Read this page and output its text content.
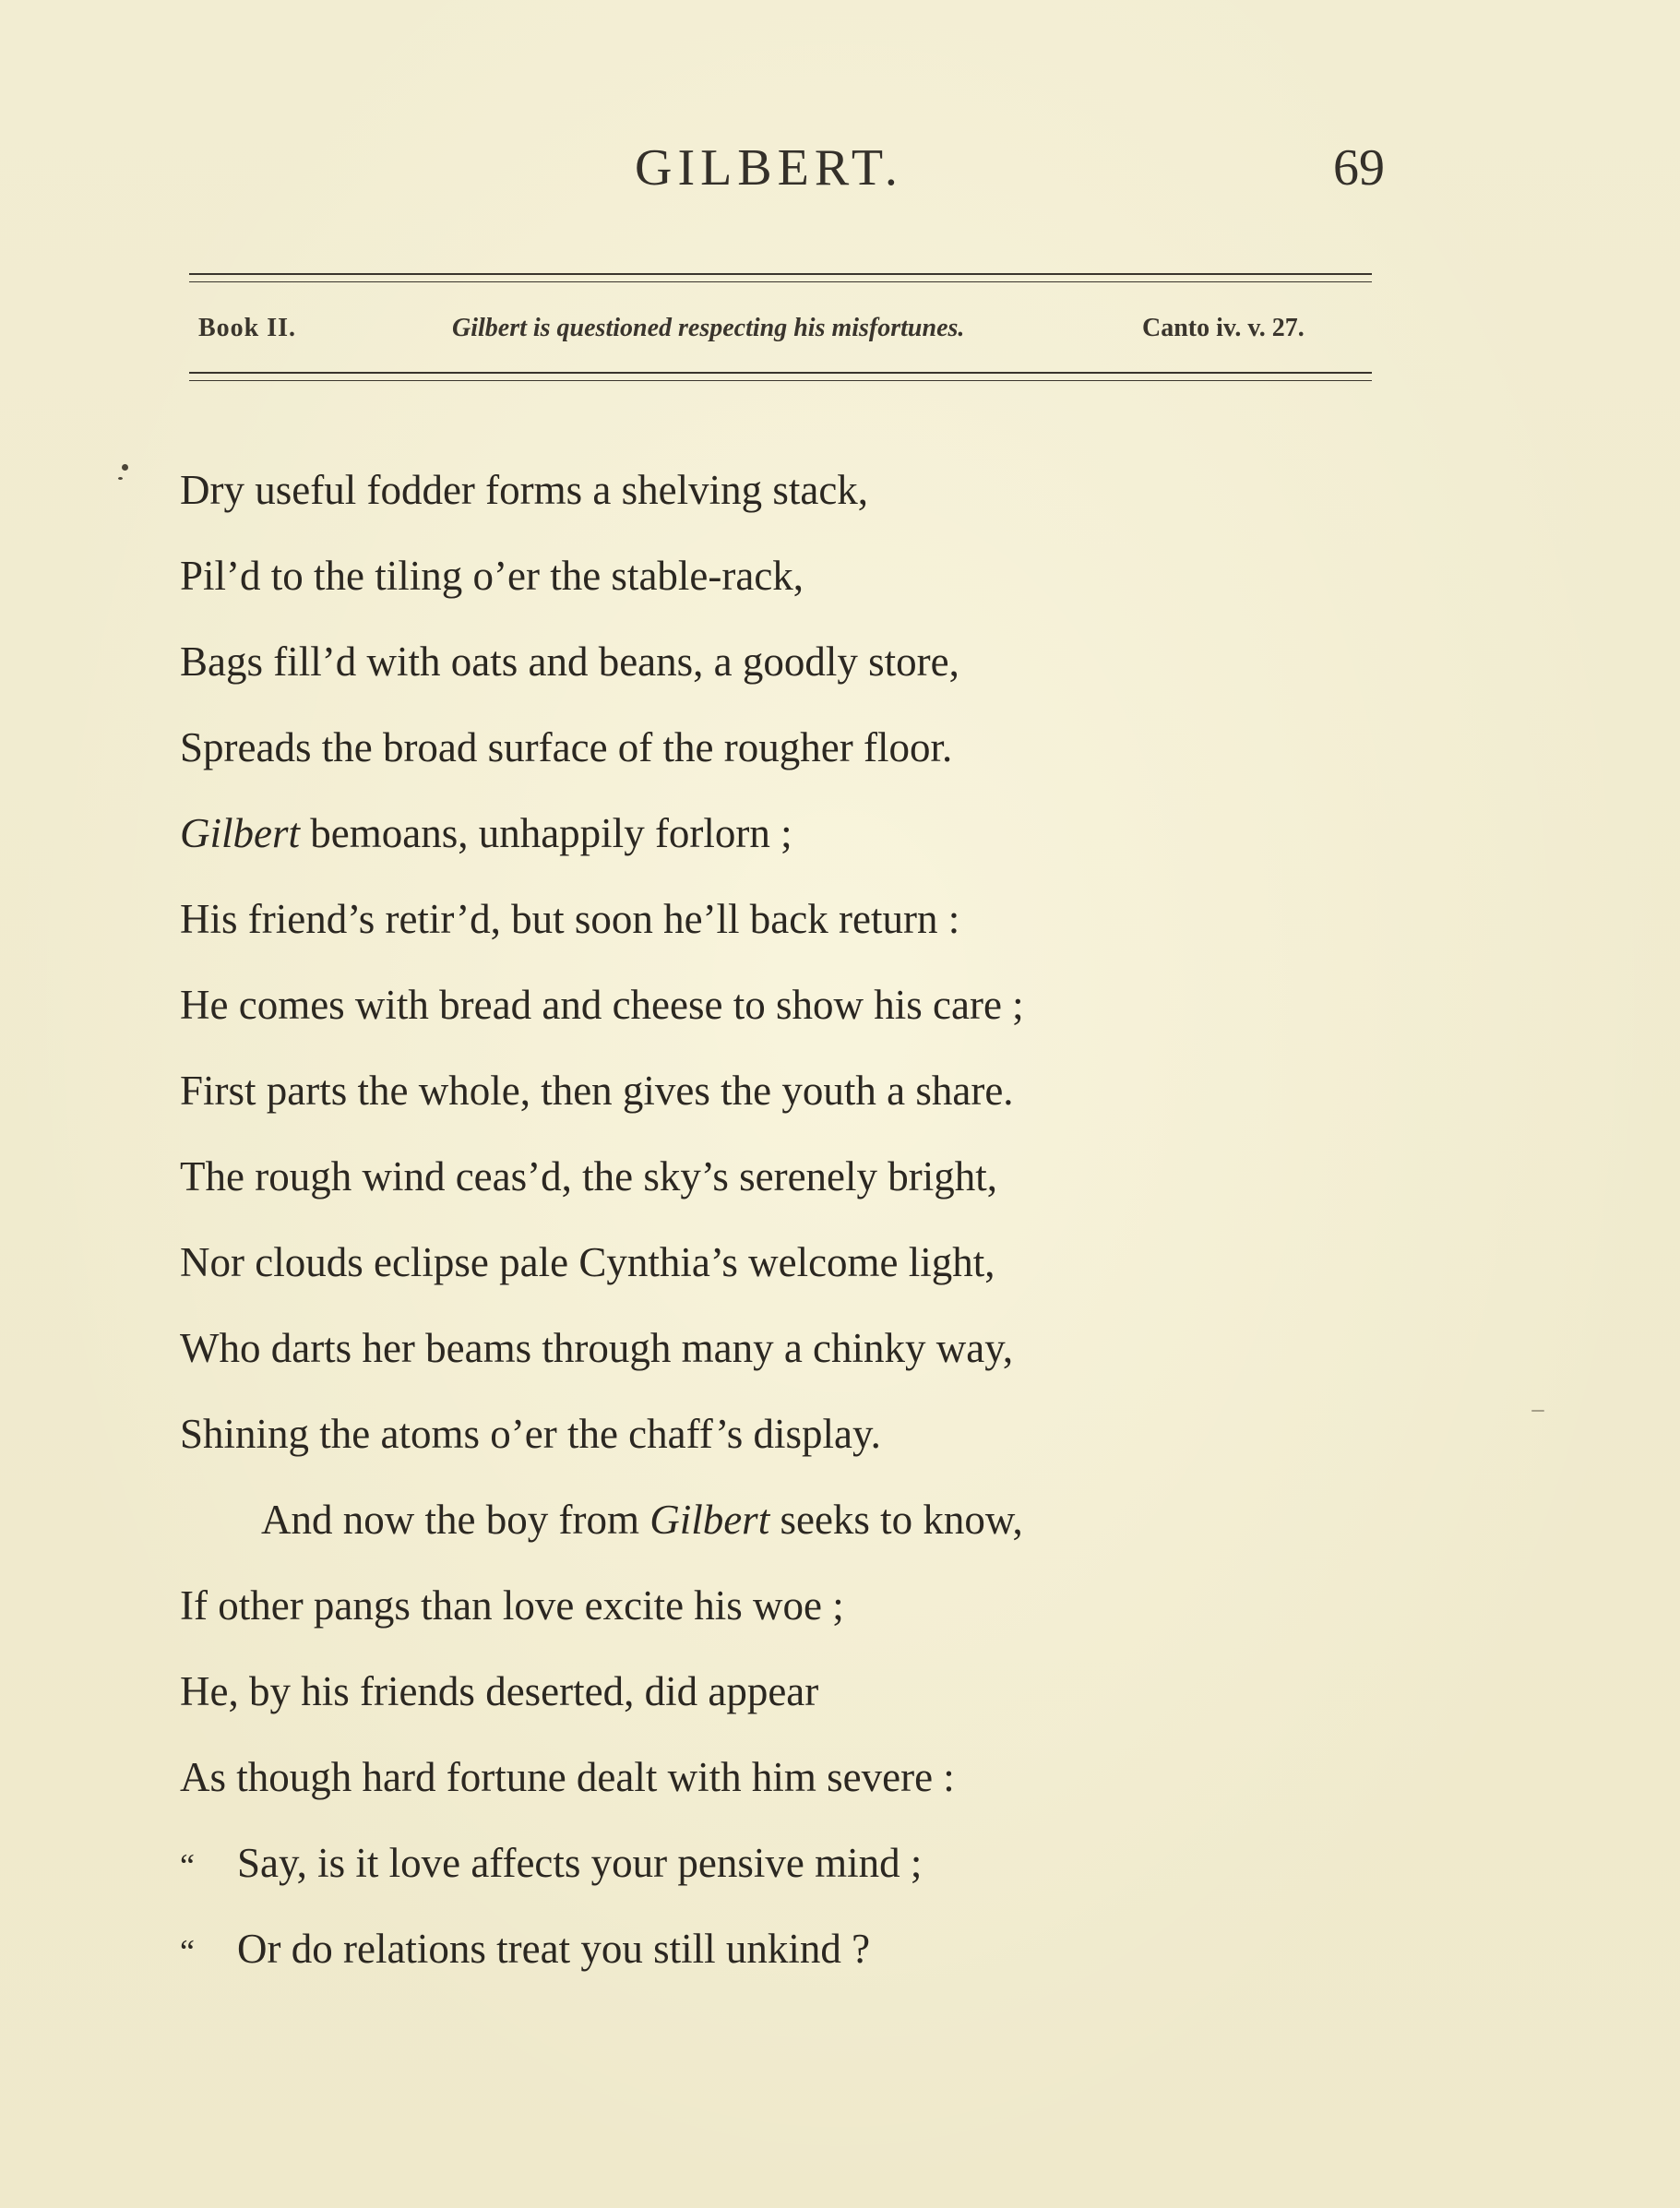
GILBERT.	69
Book II.	Gilbert is questioned respecting his misfortunes.	Canto iv. v. 27.
Dry useful fodder forms a shelving stack,
Pil’d to the tiling o’er the stable-rack,
Bags fill’d with oats and beans, a goodly store,
Spreads the broad surface of the rougher floor.
Gilbert bemoans, unhappily forlorn ;
His friend’s retir’d, but soon he’ll back return :
He comes with bread and cheese to show his care ;
First parts the whole, then gives the youth a share.
The rough wind ceas’d, the sky’s serenely bright,
Nor clouds eclipse pale Cynthia’s welcome light,
Who darts her beams through many a chinky way,
Shining the atoms o’er the chaff’s display.
And now the boy from Gilbert seeks to know,
If other pangs than love excite his woe ;
He, by his friends deserted, did appear
As though hard fortune dealt with him severe :
“ Say, is it love affects your pensive mind ;
“ Or do relations treat you still unkind ?
